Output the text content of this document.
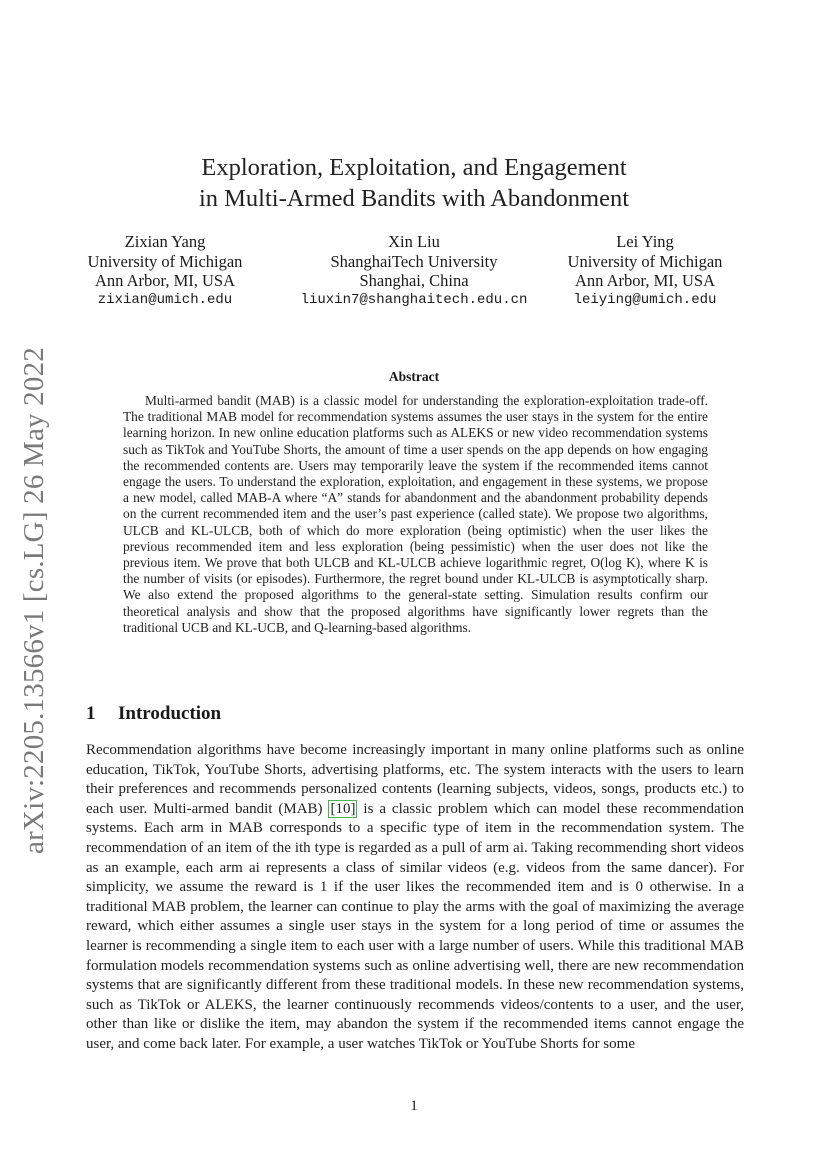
arXiv:2205.13566v1 [cs.LG] 26 May 2022
Exploration, Exploitation, and Engagement
in Multi-Armed Bandits with Abandonment
Zixian Yang
University of Michigan
Ann Arbor, MI, USA
zixian@umich.edu
Xin Liu
ShanghaiTech University
Shanghai, China
liuxin7@shanghaitech.edu.cn
Lei Ying
University of Michigan
Ann Arbor, MI, USA
leiying@umich.edu
Abstract
Multi-armed bandit (MAB) is a classic model for understanding the exploration-exploitation trade-off. The traditional MAB model for recommendation systems assumes the user stays in the system for the entire learning horizon. In new online education platforms such as ALEKS or new video recommendation systems such as TikTok and YouTube Shorts, the amount of time a user spends on the app depends on how engaging the recommended contents are. Users may temporarily leave the system if the recommended items cannot engage the users. To understand the exploration, exploitation, and engagement in these systems, we propose a new model, called MAB-A where “A” stands for abandonment and the abandonment probability depends on the current recommended item and the user’s past experience (called state). We propose two algorithms, ULCB and KL-ULCB, both of which do more exploration (being optimistic) when the user likes the previous recommended item and less exploration (being pessimistic) when the user does not like the previous item. We prove that both ULCB and KL-ULCB achieve logarithmic regret, O(log K), where K is the number of visits (or episodes). Furthermore, the regret bound under KL-ULCB is asymptotically sharp. We also extend the proposed algorithms to the general-state setting. Simulation results confirm our theoretical analysis and show that the proposed algorithms have significantly lower regrets than the traditional UCB and KL-UCB, and Q-learning-based algorithms.
1 Introduction
Recommendation algorithms have become increasingly important in many online platforms such as online education, TikTok, YouTube Shorts, advertising platforms, etc. The system interacts with the users to learn their preferences and recommends personalized contents (learning subjects, videos, songs, products etc.) to each user. Multi-armed bandit (MAB) [10] is a classic problem which can model these recommendation systems. Each arm in MAB corresponds to a specific type of item in the recommendation system. The recommendation of an item of the ith type is regarded as a pull of arm ai. Taking recommending short videos as an example, each arm ai represents a class of similar videos (e.g. videos from the same dancer). For simplicity, we assume the reward is 1 if the user likes the recommended item and is 0 otherwise. In a traditional MAB problem, the learner can continue to play the arms with the goal of maximizing the average reward, which either assumes a single user stays in the system for a long period of time or assumes the learner is recommending a single item to each user with a large number of users. While this traditional MAB formulation models recommendation systems such as online advertising well, there are new recommendation systems that are significantly different from these traditional models. In these new recommendation systems, such as TikTok or ALEKS, the learner continuously recommends videos/contents to a user, and the user, other than like or dislike the item, may abandon the system if the recommended items cannot engage the user, and come back later. For example, a user watches TikTok or YouTube Shorts for some
1
